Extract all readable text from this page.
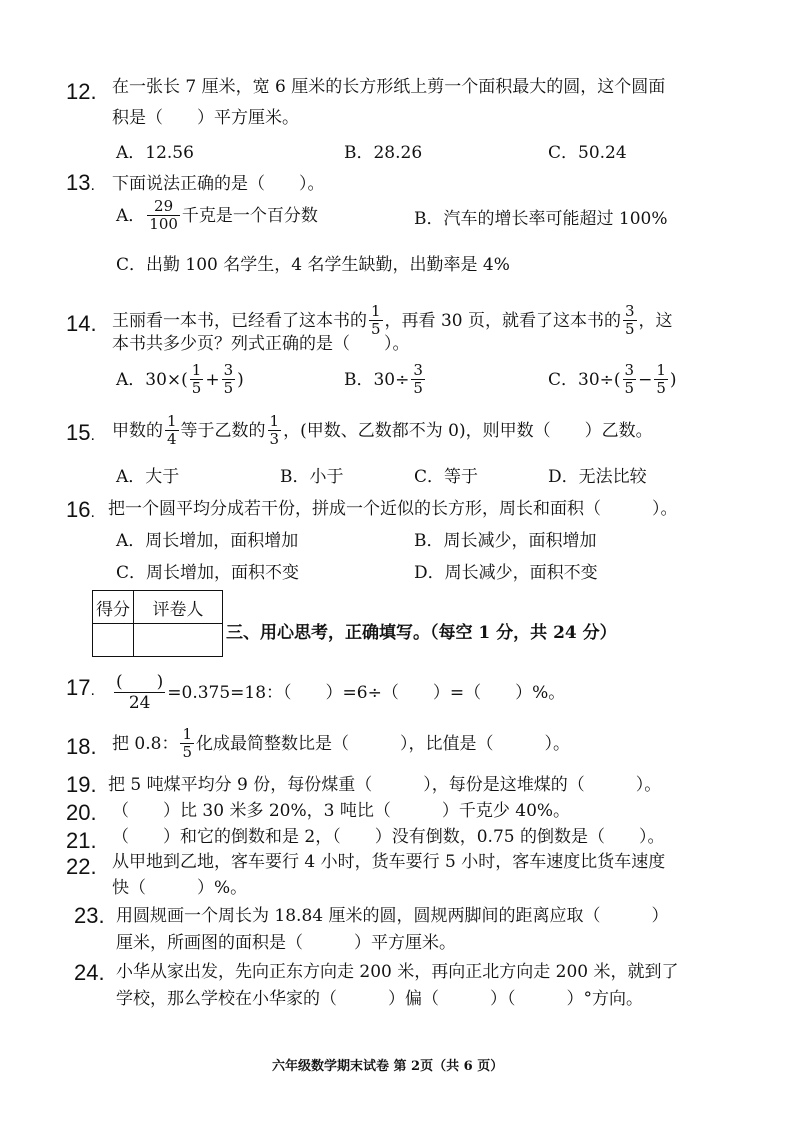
12. 在一张长 7 厘米，宽 6 厘米的长方形纸上剪一个面积最大的圆，这个圆面
积是（　　）平方厘米。
A．12.56	B．28.26	C．50.24
13. 下面说法正确的是（　　）。
A． $\frac{29}{100}$ 千克是一个百分数	B．汽车的增长率可能超过 100%
C．出勤 100 名学生，4 名学生缺勤，出勤率是 4%
14. 王丽看一本书，已经看了这本书的 $\frac{1}{5}$ ，再看 30 页，就看了这本书的 $\frac{3}{5}$ ，这
本书共多少页？列式正确的是（　　）。
A．$30\times( \frac{1}{5} + \frac{3}{5}$ )	B．$30\div \frac{3}{5}$	C．$30\div( \frac{3}{5} - \frac{1}{5}$ )
15. 甲数的 $\frac{1}{4}$ 等于乙数的 $\frac{1}{3}$ ，(甲数、乙数都不为 0)，则甲数（　　）乙数。
A．大于	B．小于	C．等于	D．无法比较
16. 把一个圆平均分成若干份，拼成一个近似的长方形，周长和面积（　　　）。
A．周长增加，面积增加	B．周长减少，面积增加
C．周长增加，面积不变	D．周长减少，面积不变
得分	评卷人

三、用心思考，正确填写。（每空 1 分，共 24 分）
17. $\frac{( )}{24} =0.375=18$：（　　）=6÷（　　）=（　　）%。
18. 把 0.8： $\frac{1}{5}$ 化成最简整数比是（　　　），比值是（　　　）。
19. 把 5 吨煤平均分 9 份，每份煤重（　　　），每份是这堆煤的（　　　）。
20. （　　）比 30 米多 20%，3 吨比（　　　）千克少 40%。
21. （　　）和它的倒数和是 2，（　　）没有倒数，0.75 的倒数是（　　）。
22. 从甲地到乙地，客车要行 4 小时，货车要行 5 小时，客车速度比货车速度
快（　　　）%。
23. 用圆规画一个周长为 18.84 厘米的圆，圆规两脚间的距离应取（　　　）
厘米，所画图的面积是（　　　）平方厘米。
24. 小华从家出发，先向正东方向走 200 米，再向正北方向走 200 米，就到了
学校，那么学校在小华家的（　　　）偏（　　　）（　　　）°方向。
六年级数学期末试卷 第 2页（共 6 页）
